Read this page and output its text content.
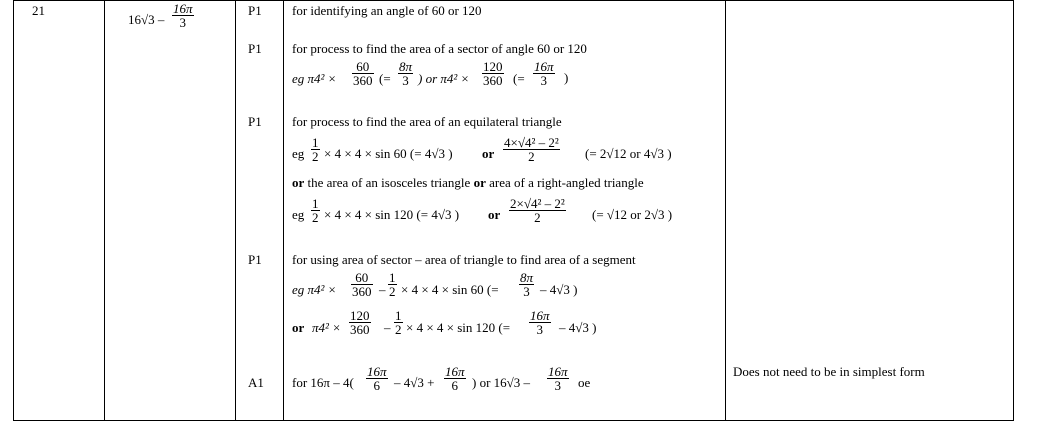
21
$16√3 - \frac{16\pi}{3}$	P1
P1
P1
P1
A1
for identifying an angle of 60 or 120
for process to find the area of a sector of angle 60 or 120
eg $\pi 4^2 \times \frac{60}{360}$ (= $\frac{8\pi}{3}$ ) or $\pi 4^2 \times \frac{120}{360}$ (= $\frac{16\pi}{3}$ )
for process to find the area of an equilateral triangle
eg $\frac{1}{2} \times 4 \times 4 \times \sin 60$ (= 4√3 ) or $\frac{\text{4×√4² – 2²}}{2}$ (= 2√12 or 4√3 )
or the area of an isosceles triangle or area of a right-angled triangle
eg $\frac{1}{2} \times 4 \times 4 \times \sin 120$ (= 4√3 ) or $\frac{\text{2×√4² – 2²}}{2}$ (= √12 or 2√3 )
for using area of sector – area of triangle to find area of a segment
eg $\pi 4^2 \times \frac{60}{360} - \frac{1}{2} \times 4 \times 4 \times \sin 60$ (= $\frac{8\pi}{3} - 4√3$ )
or $\pi 4^2 \times \frac{120}{360} - \frac{1}{2} \times 4 \times 4 \times \sin 120$ (= $\frac{16\pi}{3} - 4√3$ )
for $16\pi - 4( \frac{16\pi}{6} - 4√3 + \frac{16\pi}{6}$ ) or $16√3 - \frac{16\pi}{3}$ oe
Does not need to be in simplest form
